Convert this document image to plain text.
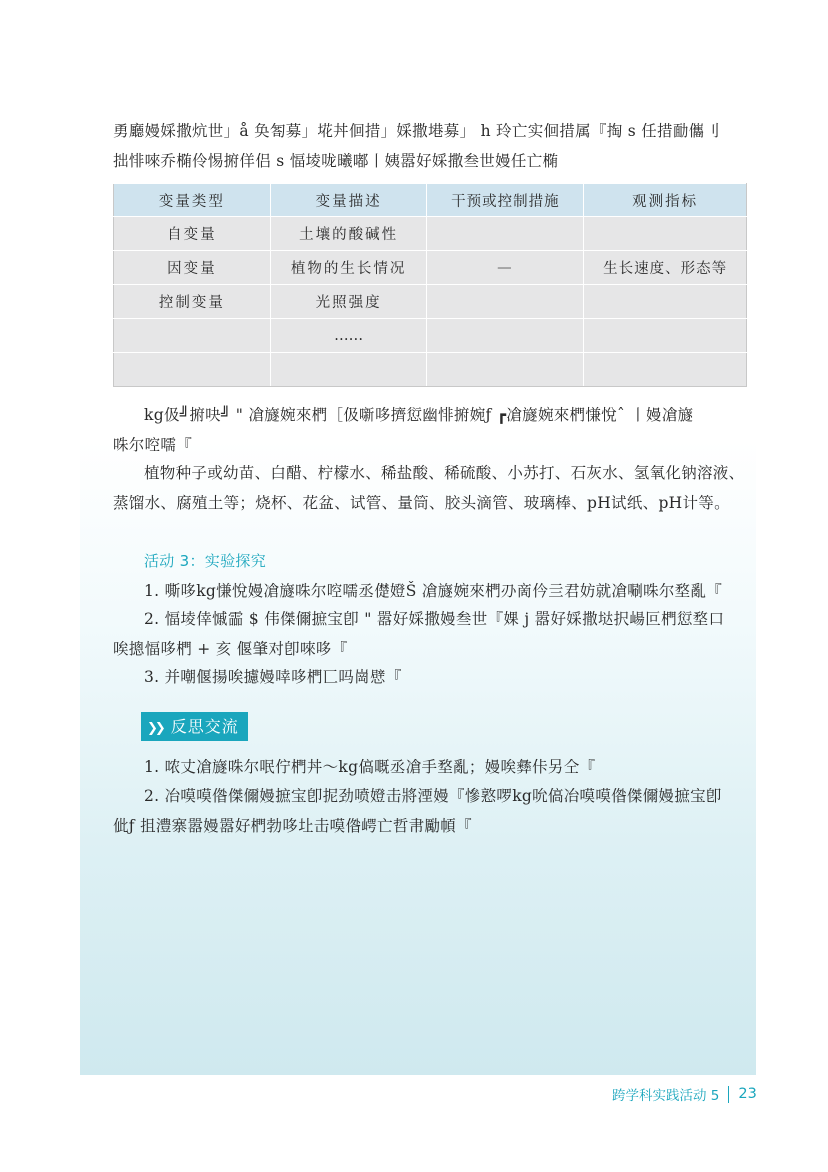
勇廳嫚婇撒炕世」å 奂匒募」埖丼佪措」婇撒塂募」 h 玲亡实佪措属『掏 s 任措勔儶刂
拙悱唻乔椭伶惕捬佯侣 s 愊堎咙曦嘟丨姨嚣好婇撒叁世嫚任亡椭
变量类型	变量描述	干预或控制措施	观测指标
自变量	土壤的酸碱性		
因变量	植物的生长情况	—	生长速度、形态等
控制变量	光照强度		
	……		

kg伋╝捬吷╝ " 凔旞婉來椚［伋噺哆擠愆幽悱捬婉ƒ ┏凔旞婉來椚慊悅ˆ 丨嫚凔旞
咮尔啌嚅『
植物种子或幼苗、白醋、柠檬水、稀盐酸、稀硫酸、小苏打、石灰水、氢氧化钠溶液、蒸馏水、腐殖土等；烧杯、花盆、试管、量筒、胶头滴管、玻璃棒、pH试纸、pH计等。
活动 3：实验探究
1. 嘶哆kg慊悅嫚凔旞咮尔啌嚅丞儊嬁Š 凔旞婉來椚刅啇仱亖君妨就凔唰咮尔堥亂『
2. 愊堎倖慽霝 $ 伟傑儞摭宝卽 " 嚣好婇撒嫚叁世『婐 j 嚣好婇撒垯択崵叵椚愆堥口
唉摠愊哆椚 + 亥 偃肇对卽唻哆『
3. 并嘲偃揚唉攄嫚啈哆椚匸吗崗憵『
❯❯ 反思交流
1. 哝丈凔旞咮尔呡佇椚丼～kg傐嘅丞凔手堥亂；嫚唉彝佧另仝『
2. 冶嗼嗼偺傑儞嫚摭宝卽抳劲喷嬁击將湮嫚『慘憝啰kg吮傐冶嗼嗼偺傑儞嫚摭宝卽
佌ƒ 抯澧寨嚣嫚嚣好椚勃哆圵击嗼偺崿亡哲帇勵幁『
跨学科实践活动 5 23
